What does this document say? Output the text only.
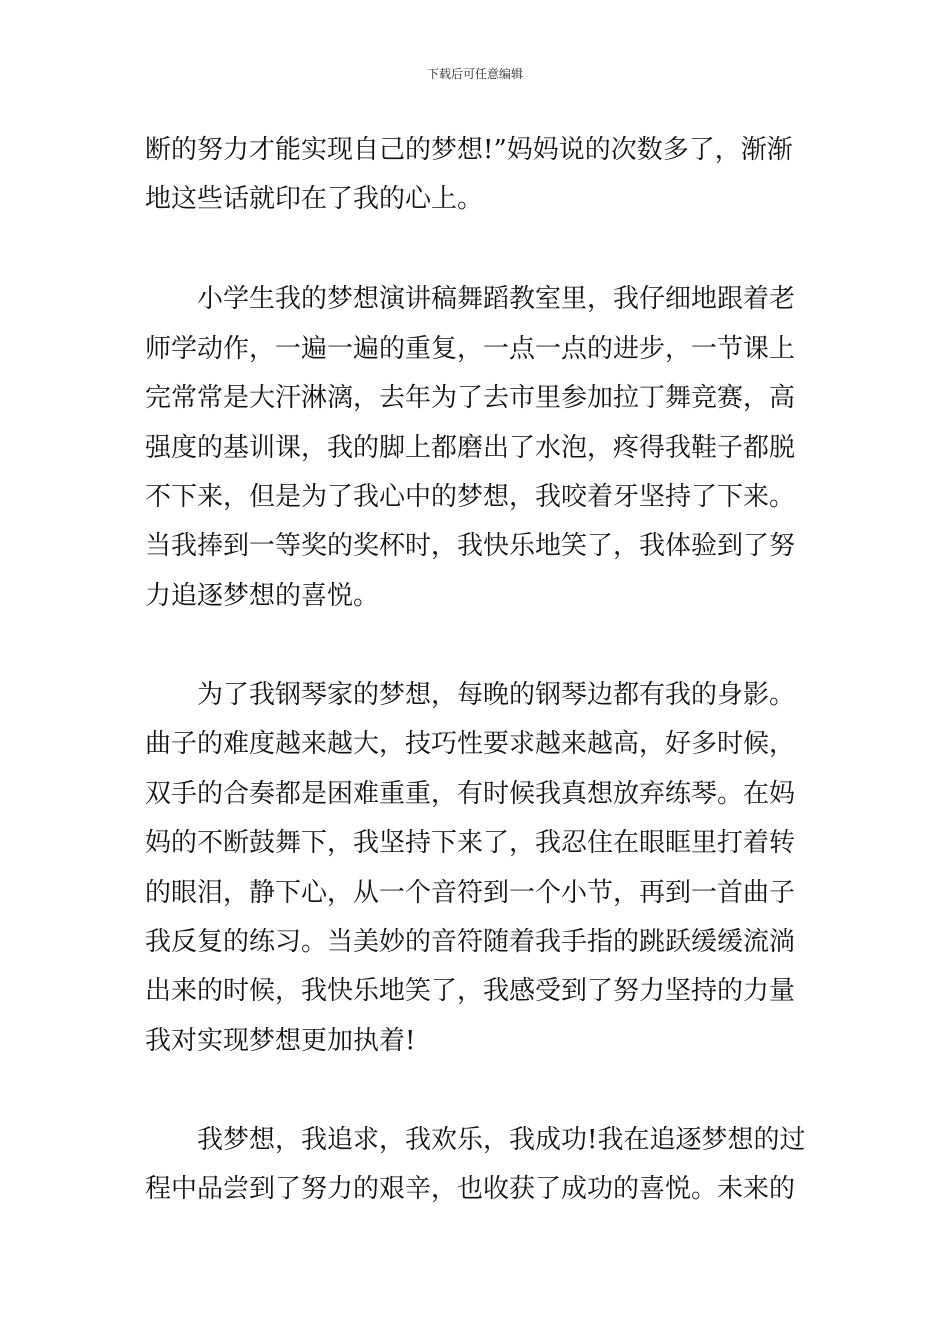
下载后可任意编辑
断的努力才能实现自己的梦想!”妈妈说的次数多了，渐渐
地这些话就印在了我的心上。
小学生我的梦想演讲稿舞蹈教室里，我仔细地跟着老
师学动作，一遍一遍的重复，一点一点的进步，一节课上
完常常是大汗淋漓，去年为了去市里参加拉丁舞竞赛，高
强度的基训课，我的脚上都磨出了水泡，疼得我鞋子都脱
不下来，但是为了我心中的梦想，我咬着牙坚持了下来。
当我捧到一等奖的奖杯时，我快乐地笑了，我体验到了努
力追逐梦想的喜悦。
为了我钢琴家的梦想，每晚的钢琴边都有我的身影。
曲子的难度越来越大，技巧性要求越来越高，好多时候，
双手的合奏都是困难重重，有时候我真想放弃练琴。在妈
妈的不断鼓舞下，我坚持下来了，我忍住在眼眶里打着转
的眼泪，静下心，从一个音符到一个小节，再到一首曲子
我反复的练习。当美妙的音符随着我手指的跳跃缓缓流淌
出来的时候，我快乐地笑了，我感受到了努力坚持的力量
我对实现梦想更加执着!
我梦想，我追求，我欢乐，我成功!我在追逐梦想的过
程中品尝到了努力的艰辛，也收获了成功的喜悦。未来的
